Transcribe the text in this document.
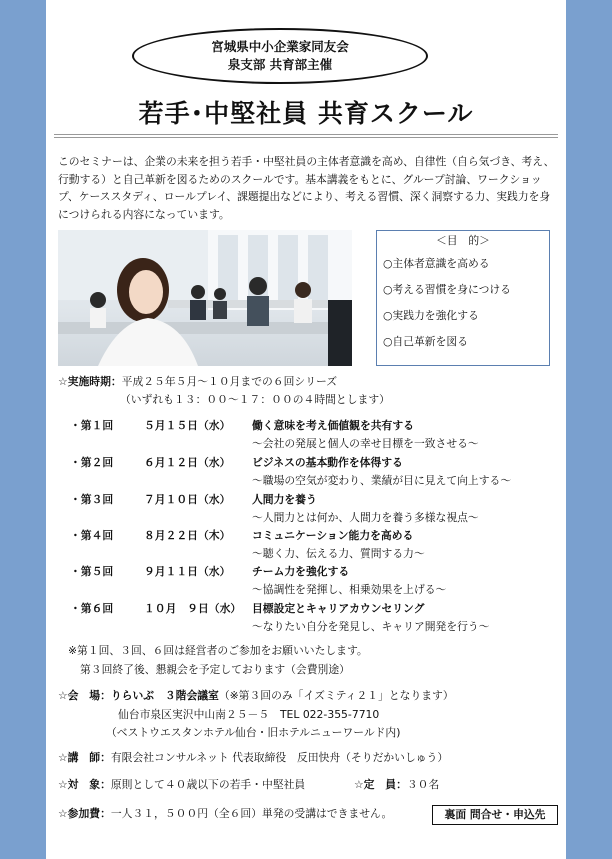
宮城県中小企業家同友会
泉支部 共育部主催
若手･中堅社員 共育スクール
このセミナーは、企業の未来を担う若手・中堅社員の主体者意識を高め、自律性（自ら気づき、考え、行動する）と自己革新を図るためのスクールです。基本講義をもとに、グループ討論、ワークショップ、ケーススタディ、ロールプレイ、課題提出などにより、考える習慣、深く洞察する力、実践力を身につけられる内容になっています。
＜目　的＞
○主体者意識を高める
○考える習慣を身につける
○実践力を強化する
○自己革新を図る
☆実施時期：平成２５年５月～１０月までの６回シリーズ
（いずれも１３：００～１７：００の４時間とします）
・第１回	５月１５日（水） 働く意味を考え価値観を共有する
～会社の発展と個人の幸せ目標を一致させる～
・第２回	６月１２日（水） ビジネスの基本動作を体得する
～職場の空気が変わり、業績が目に見えて向上する～
・第３回	７月１０日（水） 人間力を養う
～人間力とは何か、人間力を養う多様な視点～
・第４回	８月２２日（木） コミュニケーション能力を高める
～聴く力、伝える力、質問する力～
・第５回	９月１１日（水） チーム力を強化する
～協調性を発揮し、相乗効果を上げる～
・第６回	１０月　９日（水） 目標設定とキャリアカウンセリング
～なりたい自分を発見し、キャリア開発を行う～
※第１回、３回、６回は経営者のご参加をお願いいたします。
第３回終了後、懇親会を予定しております（会費別途）
☆会　場：りらいぶ　３階会議室（※第３回のみ「イズミティ２１」となります）
仙台市泉区実沢中山南２５－５　TEL 022-355-7710
（ベストウエスタンホテル仙台・旧ホテルニューワールド内)
☆講　師：有限会社コンサルネット 代表取締役　反田快舟（そりだかいしゅう）
☆対　象：原則として４０歳以下の若手・中堅社員	☆定　員：３０名
☆参加費：一人３１，５００円（全６回）単発の受講はできません。	裏面 問合せ・申込先
